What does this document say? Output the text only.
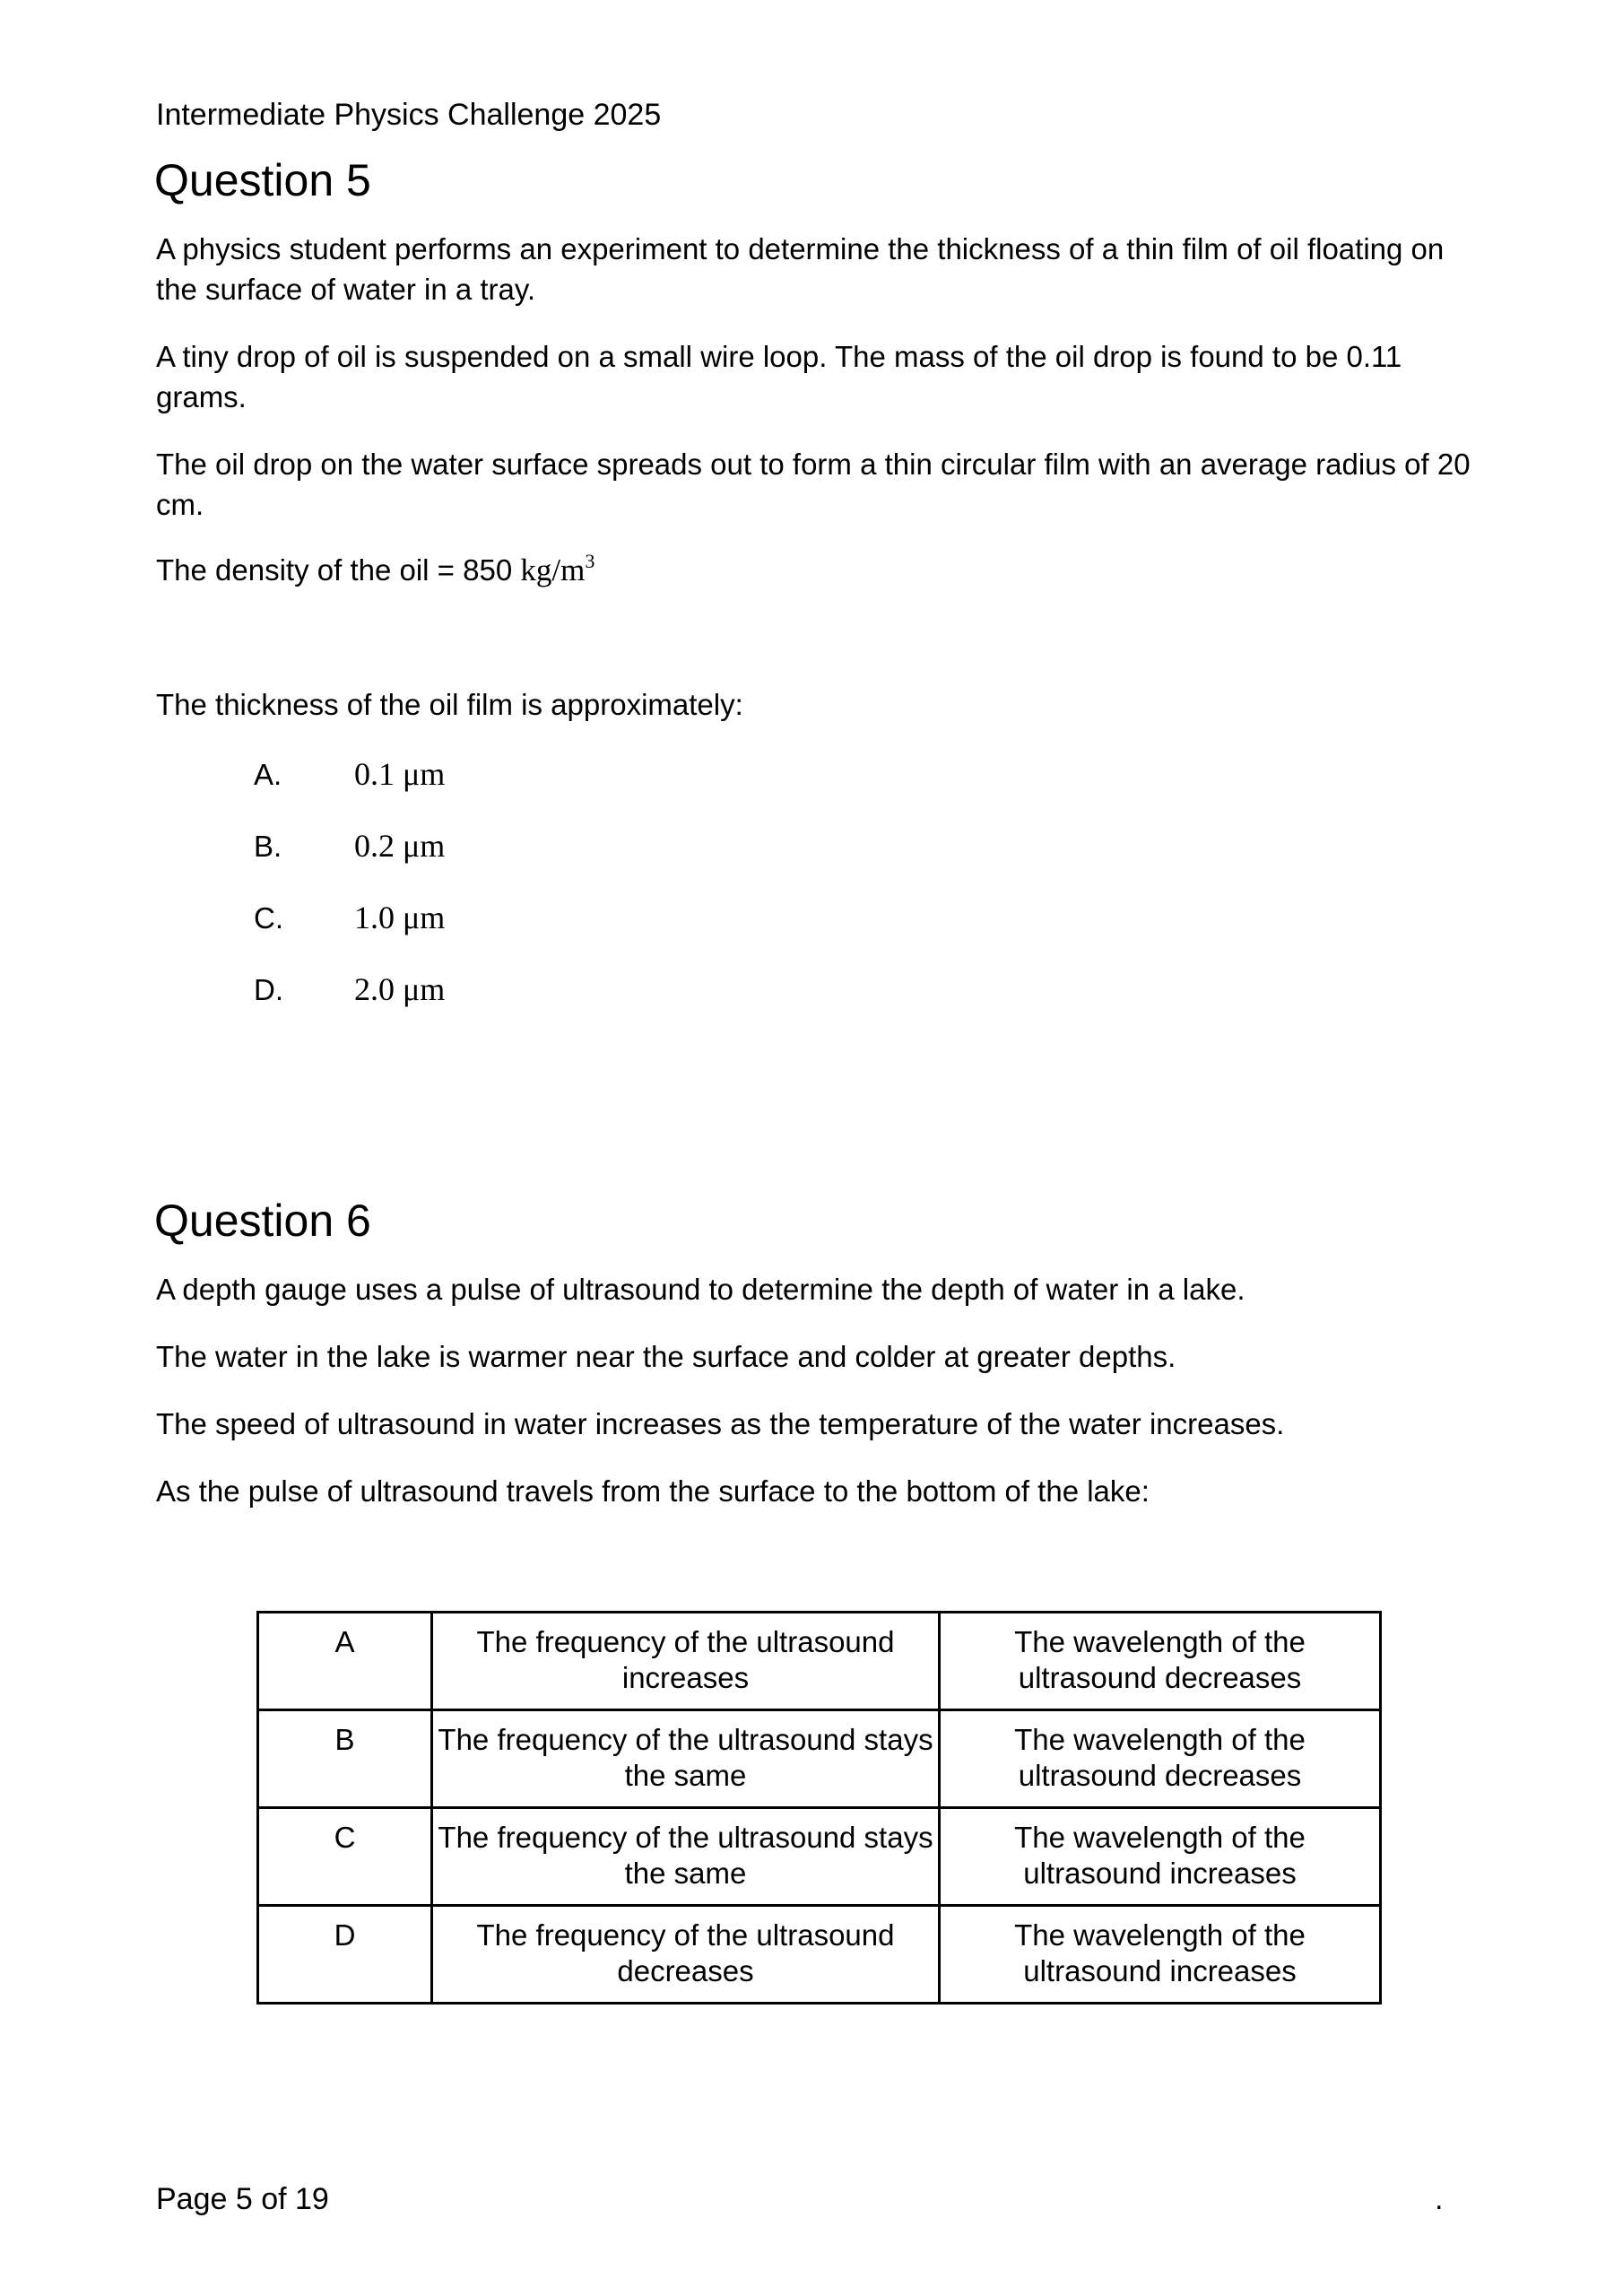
Intermediate Physics Challenge 2025
Question 5
A physics student performs an experiment to determine the thickness of a thin film of oil floating on the surface of water in a tray.
A tiny drop of oil is suspended on a small wire loop. The mass of the oil drop is found to be 0.11 grams.
The oil drop on the water surface spreads out to form a thin circular film with an average radius of 20 cm.
The density of the oil = 850 $kg/m^3$
The thickness of the oil film is approximately:
A. 0.1 μm
B. 0.2 μm
C. 1.0 μm
D. 2.0 μm
Question 6
A depth gauge uses a pulse of ultrasound to determine the depth of water in a lake.
The water in the lake is warmer near the surface and colder at greater depths.
The speed of ultrasound in water increases as the temperature of the water increases.
As the pulse of ultrasound travels from the surface to the bottom of the lake:
A	The frequency of the ultrasound increases	The wavelength of the ultrasound decreases

B	The frequency of the ultrasound stays the same	The wavelength of the ultrasound decreases

C	The frequency of the ultrasound stays the same	The wavelength of the ultrasound increases

D	The frequency of the ultrasound decreases	The wavelength of the ultrasound increases
Page 5 of 19	.
